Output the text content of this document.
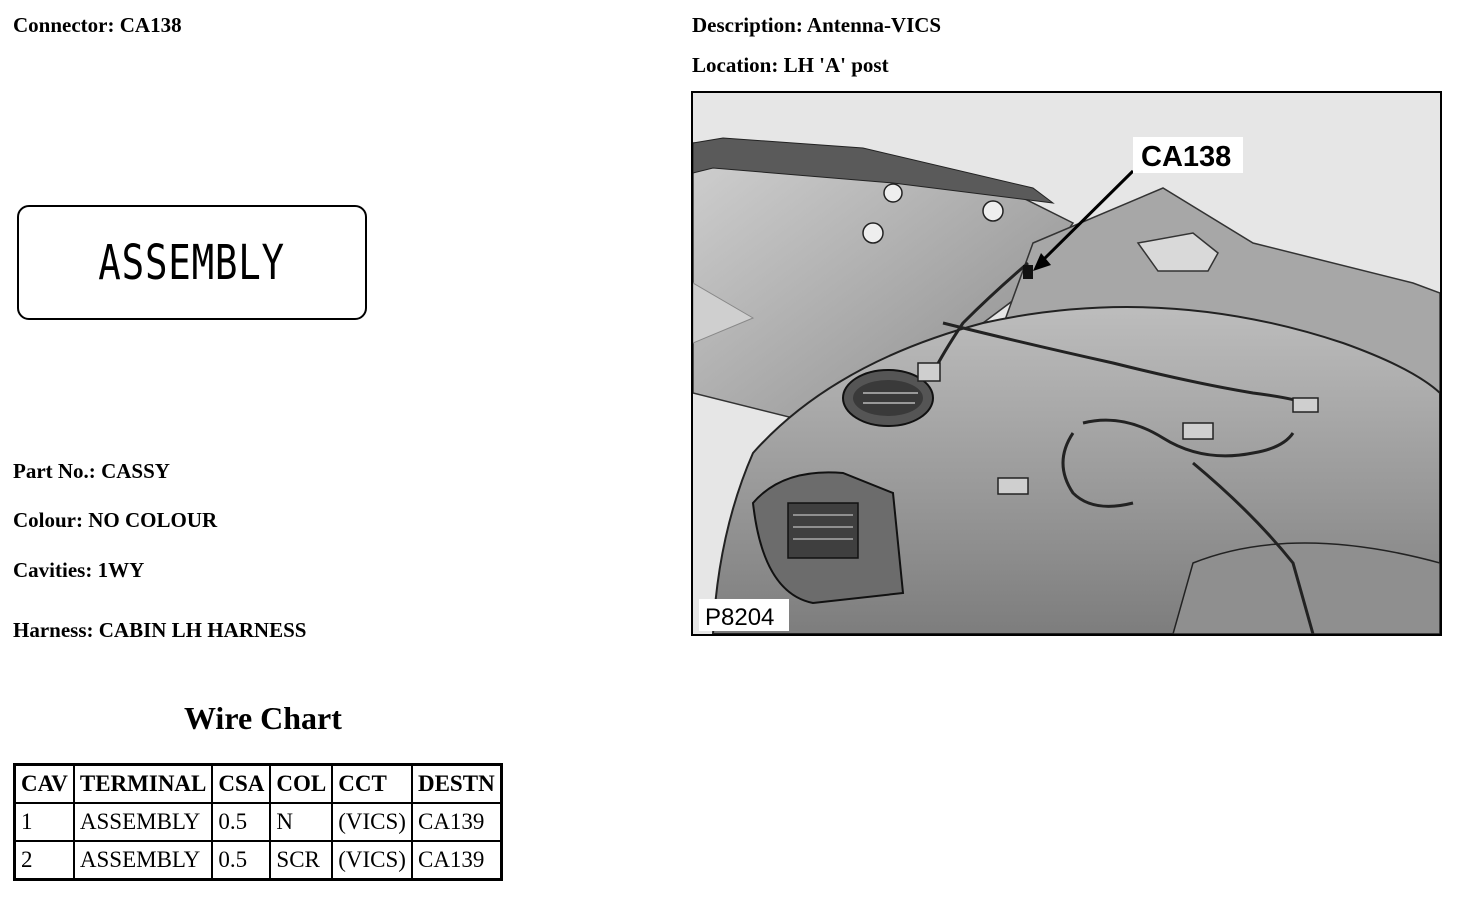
Connector: CA138
ASSEMBLY
Part No.: CASSY
Colour: NO COLOUR
Cavities: 1WY
Harness: CABIN LH HARNESS
Wire Chart
CAV	TERMINAL	CSA	COL	CCT	DESTN
1	ASSEMBLY	0.5	N	(VICS)	CA139
2	ASSEMBLY	0.5	SCR	(VICS)	CA139
Description: Antenna-VICS
Location: LH 'A' post
CA138
P8204
